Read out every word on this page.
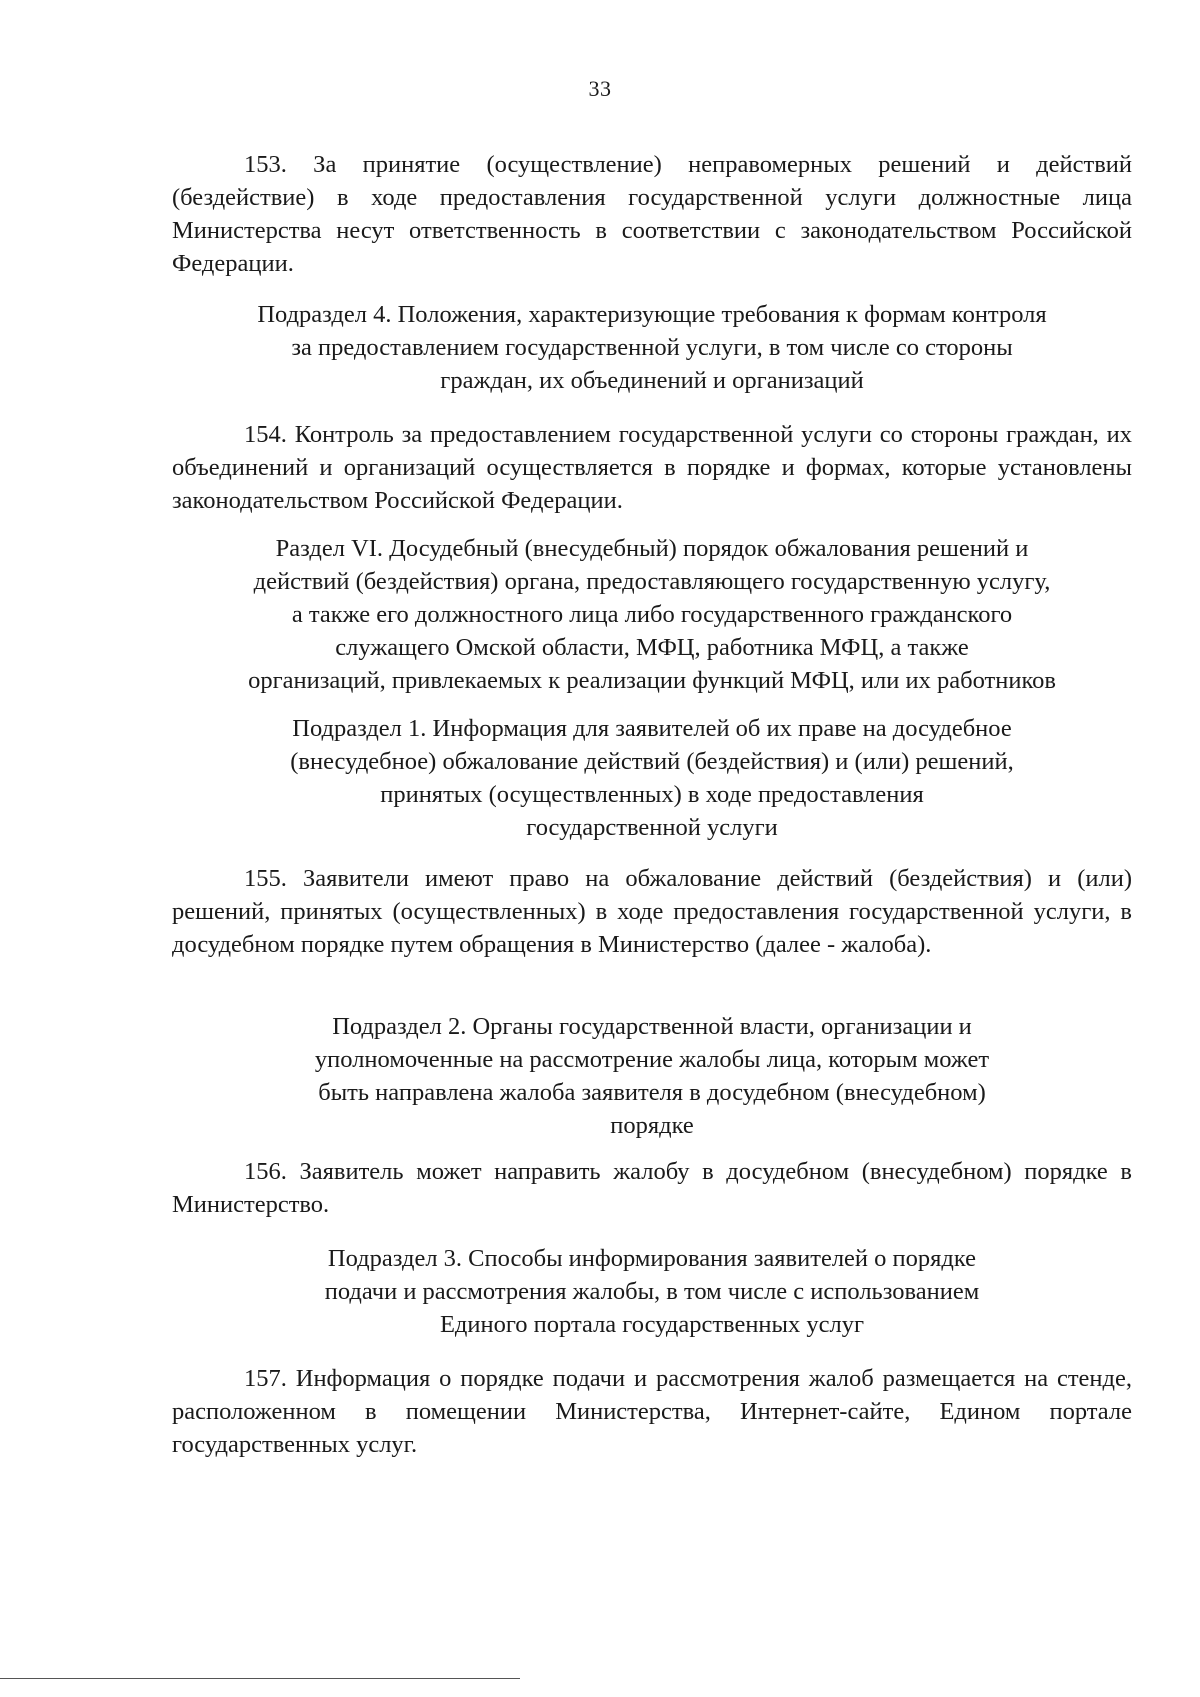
33

153. За принятие (осуществление) неправомерных решений и действий (бездействие) в ходе предоставления государственной услуги должностные лица Министерства несут ответственность в соответствии с законодательством Российской Федерации.

Подраздел 4. Положения, характеризующие требования к формам контроля
за предоставлением государственной услуги, в том числе со стороны
граждан, их объединений и организаций

154. Контроль за предоставлением государственной услуги со стороны граждан, их объединений и организаций осуществляется в порядке и формах, которые установлены законодательством Российской Федерации.

Раздел VI. Досудебный (внесудебный) порядок обжалования решений и
действий (бездействия) органа, предоставляющего государственную услугу,
а также его должностного лица либо государственного гражданского
служащего Омской области, МФЦ, работника МФЦ, а также
организаций, привлекаемых к реализации функций МФЦ, или их работников
Подраздел 1. Информация для заявителей об их праве на досудебное
(внесудебное) обжалование действий (бездействия) и (или) решений,
принятых (осуществленных) в ходе предоставления
государственной услуги

155. Заявители имеют право на обжалование действий (бездействия) и (или) решений, принятых (осуществленных) в ходе предоставления государственной услуги, в досудебном порядке путем обращения в Министерство (далее - жалоба).

Подраздел 2. Органы государственной власти, организации и
уполномоченные на рассмотрение жалобы лица, которым может
быть направлена жалоба заявителя в досудебном (внесудебном)
порядке

156. Заявитель может направить жалобу в досудебном (внесудебном) порядке в Министерство.

Подраздел 3. Способы информирования заявителей о порядке
подачи и рассмотрения жалобы, в том числе с использованием
Единого портала государственных услуг

157. Информация о порядке подачи и рассмотрения жалоб размещается на стенде, расположенном в помещении Министерства, Интернет-сайте, Едином портале государственных услуг.
